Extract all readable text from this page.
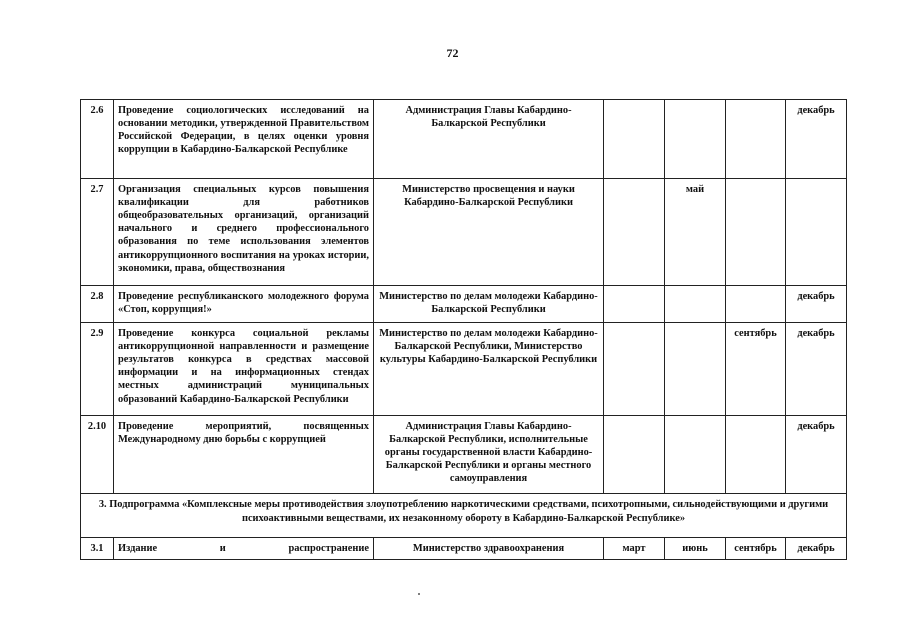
72
2.6	Проведение социологических исследований на основании методики, утвержденной Правительством Российской Федерации, в целях оценки уровня коррупции в Кабардино-Балкарской Республике	Администрация Главы Кабардино-Балкарской Республики				декабрь
2.7	Организация специальных курсов повышения квалификации для работников общеобразовательных организаций, организаций начального и среднего профессионального образования по теме использования элементов антикоррупционного воспитания на уроках истории, экономики, права, обществознания	Министерство просвещения и науки Кабардино-Балкарской Республики		май		
2.8	Проведение республиканского молодежного форума «Стоп, коррупция!»	Министерство по делам молодежи Кабардино-Балкарской Республики				декабрь
2.9	Проведение конкурса социальной рекламы антикоррупционной направленности и размещение результатов конкурса в средствах массовой информации и на информационных стендах местных администраций муниципальных образований Кабардино-Балкарской Республики	Министерство по делам молодежи Кабардино-Балкарской Республики, Министерство культуры Кабардино-Балкарской Республики			сентябрь	декабрь
2.10	Проведение мероприятий, посвященных Международному дню борьбы с коррупцией	Администрация Главы Кабардино-Балкарской Республики, исполнительные органы государственной власти Кабардино-Балкарской Республики и органы местного самоуправления				декабрь
3. Подпрограмма «Комплексные меры противодействия злоупотреблению наркотическими средствами, психотропными, сильнодействующими и другими психоактивными веществами, их незаконному обороту в Кабардино-Балкарской Республике»						
3.1	Издание и распространение	Министерство здравоохранения	март	июнь	сентябрь	декабрь
